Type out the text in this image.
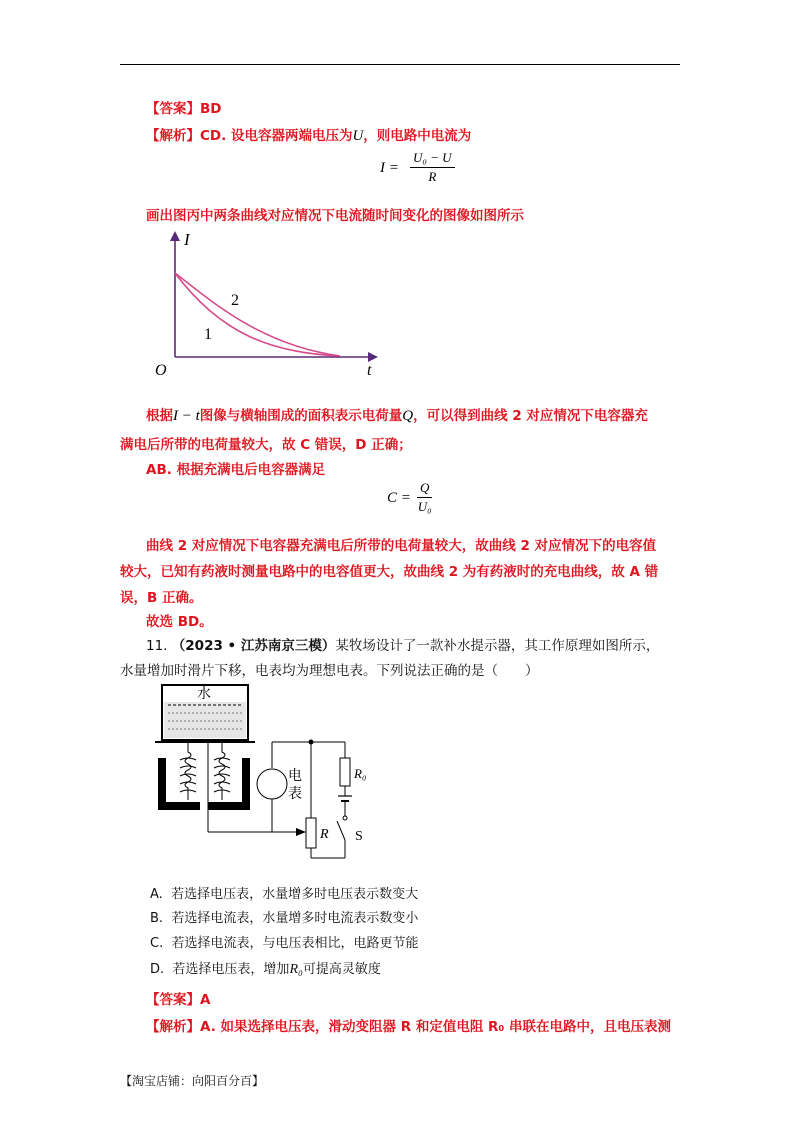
【答案】BD
【解析】CD. 设电容器两端电压为U，则电路中电流为
$I = \frac{\text{U₀ − U}}{R}$
画出图丙中两条曲线对应情况下电流随时间变化的图像如图所示
I
t
O
1
2
根据I − t图像与横轴围成的面积表示电荷量Q，可以得到曲线 2 对应情况下电容器充
满电后所带的电荷量较大，故 C 错误，D 正确；
AB. 根据充满电后电容器满足
$C = \frac{Q}{\text{U₀}}$
曲线 2 对应情况下电容器充满电后所带的电荷量较大，故曲线 2 对应情况下的电容值
较大，已知有药液时测量电路中的电容值更大，故曲线 2 为有药液时的充电曲线，故 A 错
误，B 正确。
故选 BD。
11. （2023 • 江苏南京三模）某牧场设计了一款补水提示器，其工作原理如图所示，
水量增加时滑片下移，电表均为理想电表。下列说法正确的是（　　）
水
电
表
R
R₀
S
A. 若选择电压表，水量增多时电压表示数变大
B. 若选择电流表，水量增多时电流表示数变小
C. 若选择电流表，与电压表相比，电路更节能
D. 若选择电压表，增加R₀可提高灵敏度
【答案】A
【解析】A. 如果选择电压表，滑动变阻器 R 和定值电阻 R₀ 串联在电路中，且电压表测
【淘宝店铺：向阳百分百】
